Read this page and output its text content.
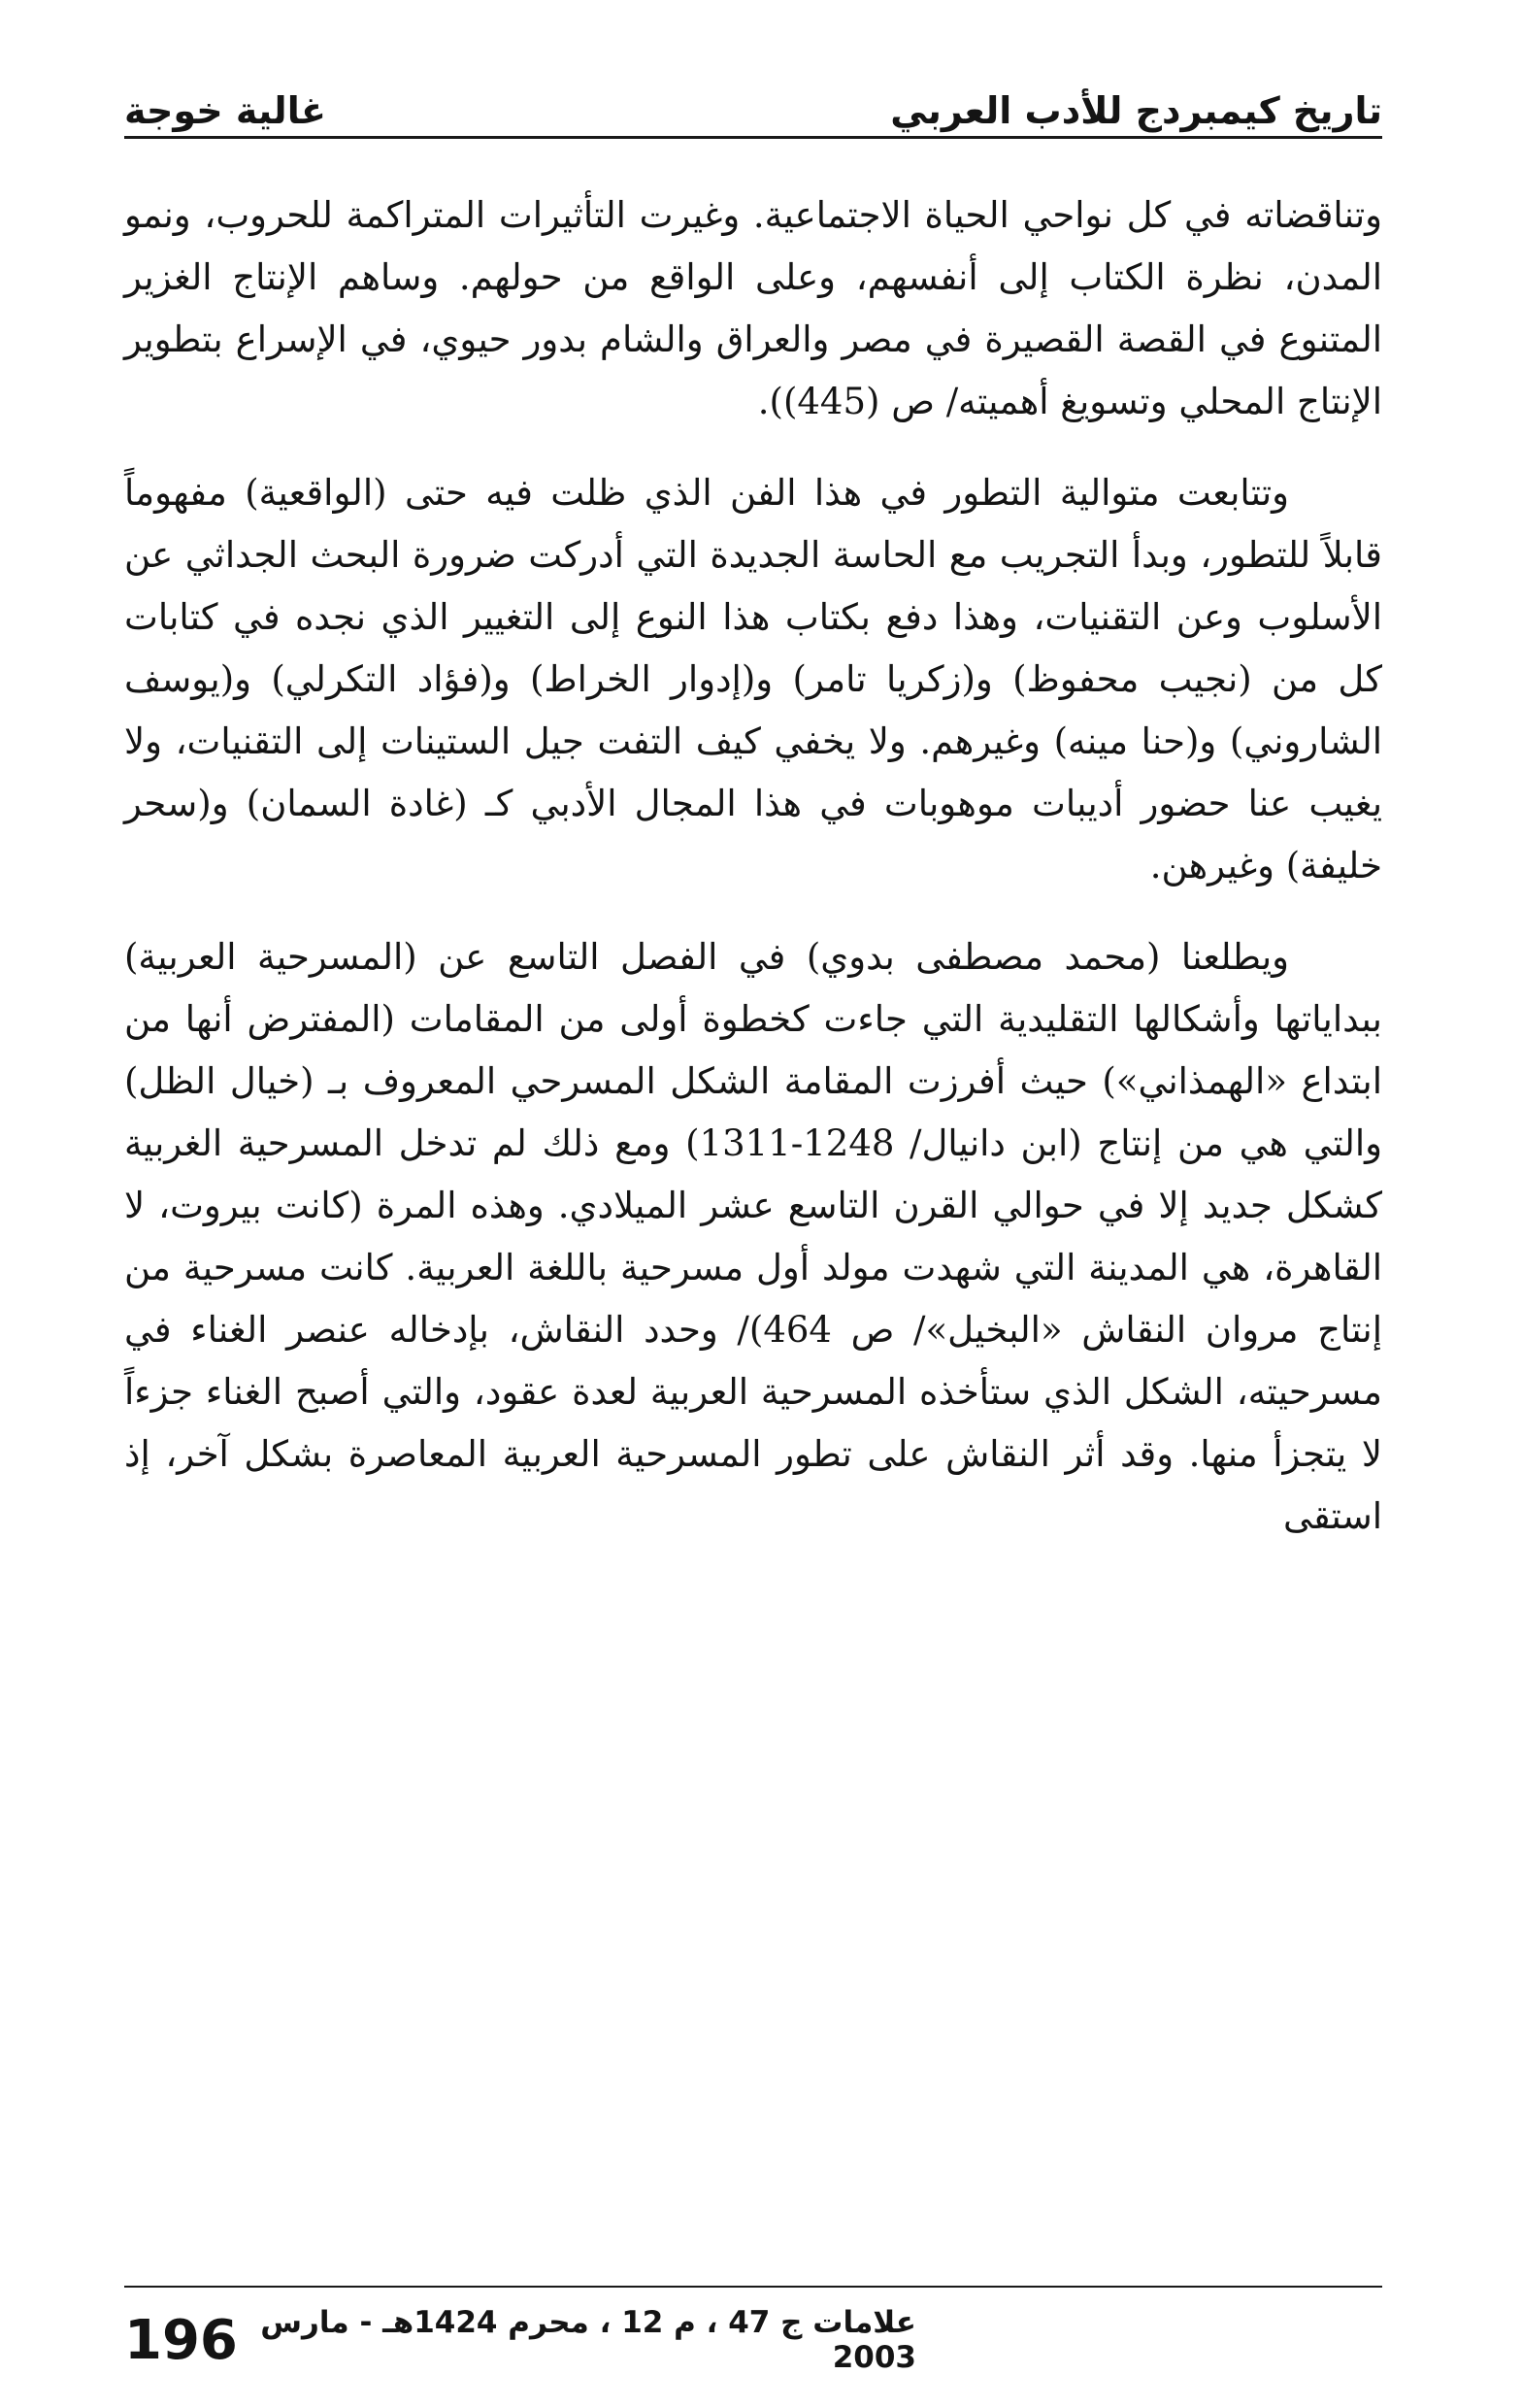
تاريخ كيمبردج للأدب العربي
غالية خوجة

وتناقضاته في كل نواحي الحياة الاجتماعية. وغيرت التأثيرات المتراكمة للحروب، ونمو المدن، نظرة الكتاب إلى أنفسهم، وعلى الواقع من حولهم. وساهم الإنتاج الغزير المتنوع في القصة القصيرة في مصر والعراق والشام بدور حيوي، في الإسراع بتطوير الإنتاج المحلي وتسويغ أهميته/ ص (445)).

وتتابعت متوالية التطور في هذا الفن الذي ظلت فيه حتى (الواقعية) مفهوماً قابلاً للتطور، وبدأ التجريب مع الحاسة الجديدة التي أدركت ضرورة البحث الجداثي عن الأسلوب وعن التقنيات، وهذا دفع بكتاب هذا النوع إلى التغيير الذي نجده في كتابات كل من (نجيب محفوظ) و(زكريا تامر) و(إدوار الخراط) و(فؤاد التكرلي) و(يوسف الشاروني) و(حنا مينه) وغيرهم. ولا يخفي كيف التفت جيل الستينات إلى التقنيات، ولا يغيب عنا حضور أديبات موهوبات في هذا المجال الأدبي كـ (غادة السمان) و(سحر خليفة) وغيرهن.

ويطلعنا (محمد مصطفى بدوي) في الفصل التاسع عن (المسرحية العربية) ببداياتها وأشكالها التقليدية التي جاءت كخطوة أولى من المقامات (المفترض أنها من ابتداع «الهمذاني») حيث أفرزت المقامة الشكل المسرحي المعروف بـ (خيال الظل) والتي هي من إنتاج (ابن دانيال/ 1248-1311) ومع ذلك لم تدخل المسرحية الغربية كشكل جديد إلا في حوالي القرن التاسع عشر الميلادي. وهذه المرة (كانت بيروت، لا القاهرة، هي المدينة التي شهدت مولد أول مسرحية باللغة العربية. كانت مسرحية من إنتاج مروان النقاش «البخيل»/ ص 464)/ وحدد النقاش، بإدخاله عنصر الغناء في مسرحيته، الشكل الذي ستأخذه المسرحية العربية لعدة عقود، والتي أصبح الغناء جزءاً لا يتجزأ منها. وقد أثر النقاش على تطور المسرحية العربية المعاصرة بشكل آخر، إذ استقى

علامات ج 47 ، م 12 ، محرم 1424هـ - مارس 2003
196
